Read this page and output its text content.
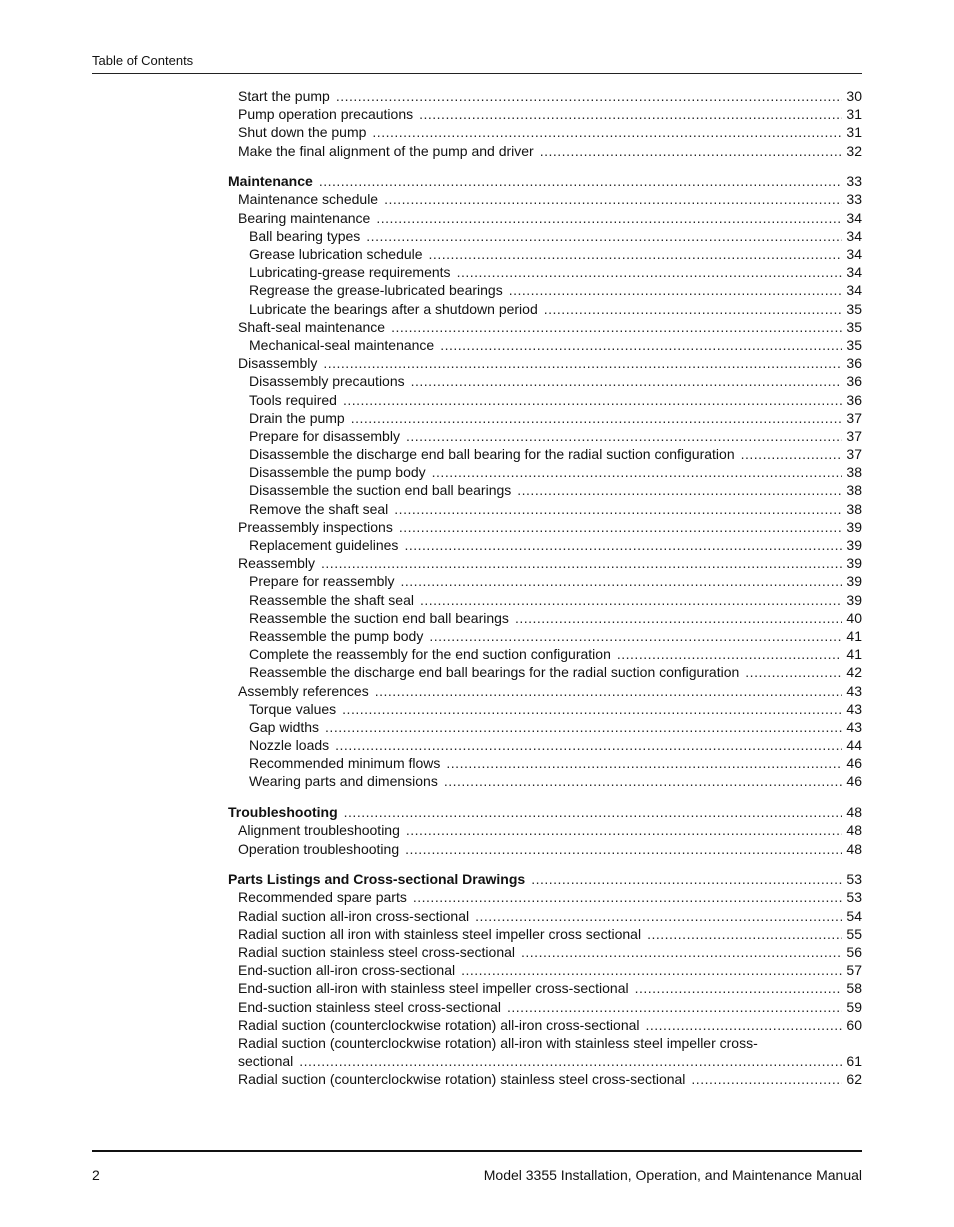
Table of Contents
Start the pump .....	30
Pump operation precautions .....	31
Shut down the pump .....	31
Make the final alignment of the pump and driver .....	32
Maintenance .....	33
Maintenance schedule .....	33
Bearing maintenance .....	34
Ball bearing types .....	34
Grease lubrication schedule .....	34
Lubricating-grease requirements .....	34
Regrease the grease-lubricated bearings .....	34
Lubricate the bearings after a shutdown period .....	35
Shaft-seal maintenance .....	35
Mechanical-seal maintenance .....	35
Disassembly .....	36
Disassembly precautions .....	36
Tools required .....	36
Drain the pump .....	37
Prepare for disassembly .....	37
Disassemble the discharge end ball bearing for the radial suction configuration .....	37
Disassemble the pump body .....	38
Disassemble the suction end ball bearings .....	38
Remove the shaft seal .....	38
Preassembly inspections .....	39
Replacement guidelines .....	39
Reassembly .....	39
Prepare for reassembly .....	39
Reassemble the shaft seal .....	39
Reassemble the suction end ball bearings .....	40
Reassemble the pump body .....	41
Complete the reassembly for the end suction configuration .....	41
Reassemble the discharge end ball bearings for the radial suction configuration .....	42
Assembly references .....	43
Torque values .....	43
Gap widths .....	43
Nozzle loads .....	44
Recommended minimum flows .....	46
Wearing parts and dimensions .....	46
Troubleshooting .....	48
Alignment troubleshooting .....	48
Operation troubleshooting .....	48
Parts Listings and Cross-sectional Drawings .....	53
Recommended spare parts .....	53
Radial suction all-iron cross-sectional .....	54
Radial suction all iron with stainless steel impeller cross sectional .....	55
Radial suction stainless steel cross-sectional .....	56
End-suction all-iron cross-sectional .....	57
End-suction all-iron with stainless steel impeller cross-sectional .....	58
End-suction stainless steel cross-sectional .....	59
Radial suction (counterclockwise rotation) all-iron cross-sectional .....	60
Radial suction (counterclockwise rotation) all-iron with stainless steel impeller cross-
sectional .....	61
Radial suction (counterclockwise rotation) stainless steel cross-sectional .....	62
2	Model 3355 Installation, Operation, and Maintenance Manual
